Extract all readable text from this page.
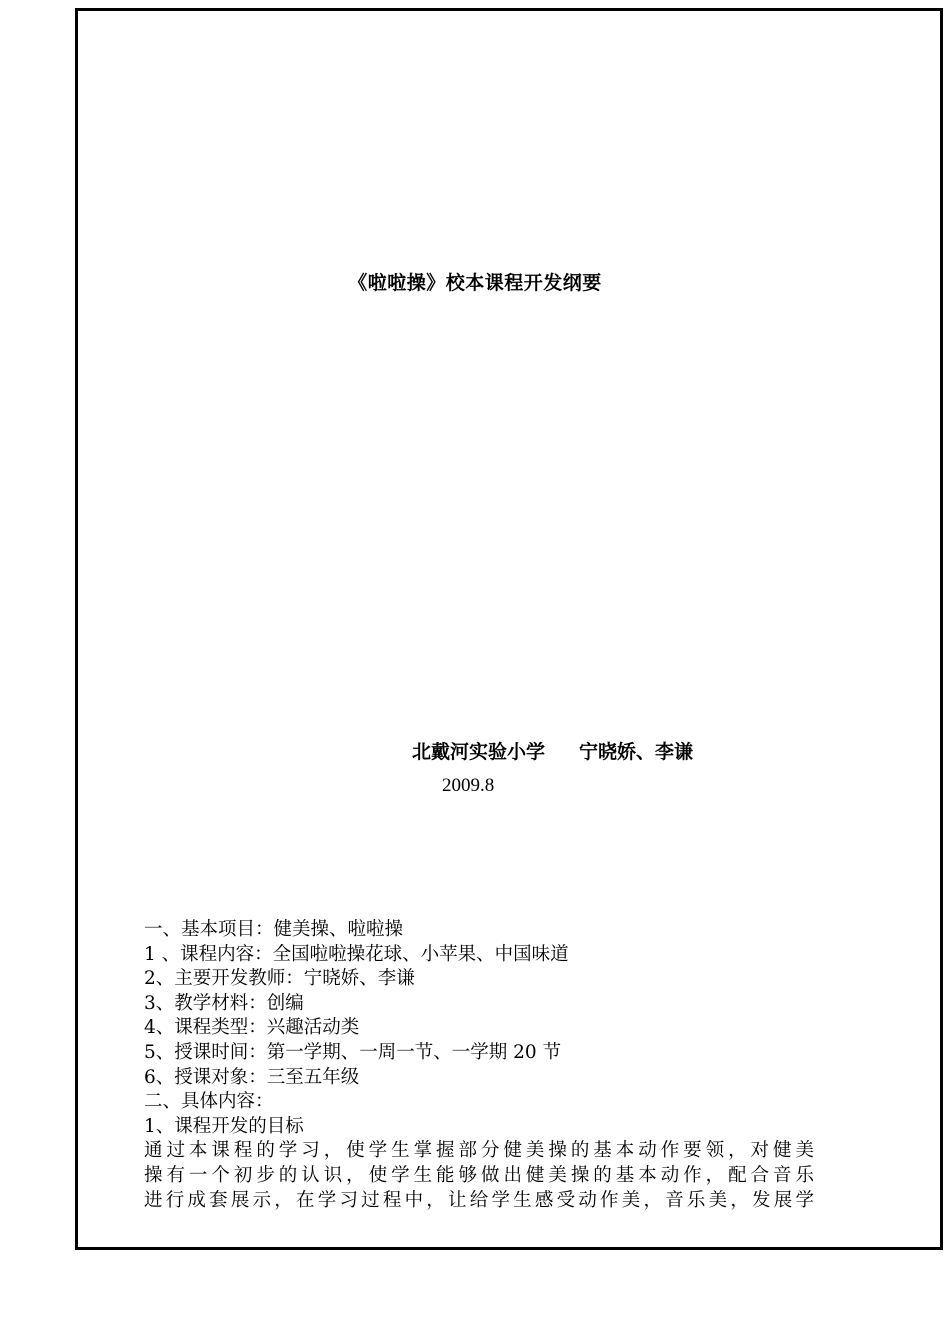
《啦啦操》校本课程开发纲要
北戴河实验小学 宁晓娇、李谦
2009.8
一、基本项目：健美操、啦啦操
1 、课程内容：全国啦啦操花球、小苹果、中国味道
2、主要开发教师：宁晓娇、李谦
3、教学材料：创编
4、课程类型：兴趣活动类
5、授课时间：第一学期、一周一节、一学期 20 节
6、授课对象：三至五年级
二、具体内容：
1、课程开发的目标
通过本课程的学习，使学生掌握部分健美操的基本动作要领，对健美
操有一个初步的认识，使学生能够做出健美操的基本动作，配合音乐
进行成套展示，在学习过程中，让给学生感受动作美，音乐美，发展学
